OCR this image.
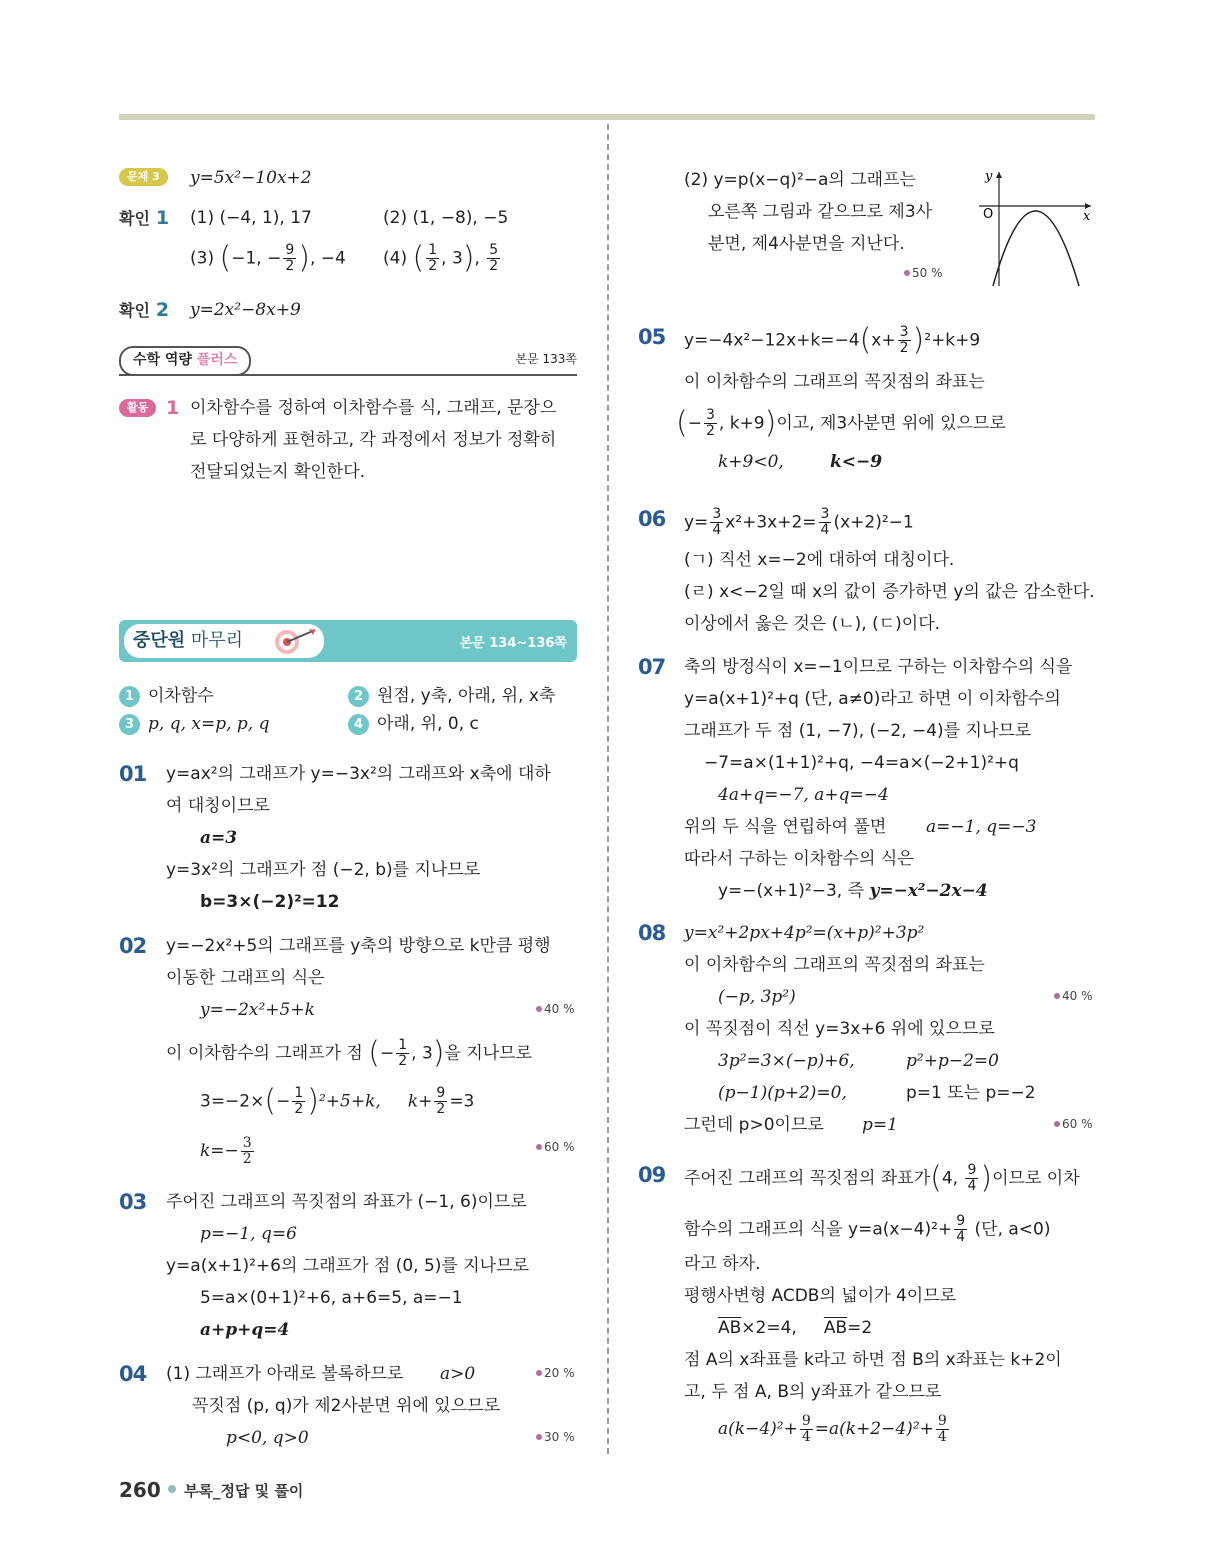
문제 3	y=5x²−10x+2
확인 1 (1) (−4, 1), 17	(2) (1, −8), −5
(3) (−1, − $\frac{9}{2}$ ), −4 (4) ( $\frac{1}{2}$ , 3), $\frac{5}{2}$
확인 2 y=2x²−8x+9
수학 역량 플러스	본문 133쪽
활동 1 이차함수를 정하여 이차함수를 식, 그래프, 문장으
로 다양하게 표현하고, 각 과정에서 정보가 정확히
전달되었는지 확인한다.
중단원 마무리	본문 134~136쪽
1 이차함수	2 원점, y축, 아래, 위, x축
3 p, q, x=p, p, q	4 아래, 위, 0, c
01 y=ax²의 그래프가 y=−3x²의 그래프와 x축에 대하
여 대칭이므로
a=3
y=3x²의 그래프가 점 (−2, b)를 지나므로
b=3×(−2)²=12
02 y=−2x²+5의 그래프를 y축의 방향으로 k만큼 평행
이동한 그래프의 식은
y=−2x²+5+k	40 %
이 이차함수의 그래프가 점 (− $\frac{1}{2}$ , 3)을 지나므로
$3=-2\times(- \frac{1}{2} )^2+5+k$, $k+ \frac{9}{2} =3$
$k=- \frac{3}{2}$	60 %
03 주어진 그래프의 꼭짓점의 좌표가 (−1, 6)이므로
p=−1, q=6
y=a(x+1)²+6의 그래프가 점 (0, 5)를 지나므로
5=a×(0+1)²+6, a+6=5, a=−1
a+p+q=4
04 (1) 그래프가 아래로 볼록하므로 a>0	20 %
꼭짓점 (p, q)가 제2사분면 위에 있으므로
p<0, q>0	30 %
(2) y=p(x−q)²−a의 그래프는
오른쪽 그림과 같으므로 제3사
분면, 제4사분면을 지난다.
50 %
y
O	x
05 $y=-4x^2-12x+k=-4(x+ \frac{3}{2} )^2+k+9$
이 이차함수의 그래프의 꼭짓점의 좌표는
(− $\frac{3}{2}$ , k+9)이고, 제3사분면 위에 있으므로
k+9<0,	k<−9
06 $y= \frac{3}{4} x^2+3x+2= \frac{3}{4} (x+2)^2-1$
(ㄱ) 직선 x=−2에 대하여 대칭이다.
(ㄹ) x<−2일 때 x의 값이 증가하면 y의 값은 감소한다.
이상에서 옳은 것은 (ㄴ), (ㄷ)이다.
07 축의 방정식이 x=−1이므로 구하는 이차함수의 식을
y=a(x+1)²+q (단, a≠0)라고 하면 이 이차함수의
그래프가 두 점 (1, −7), (−2, −4)를 지나므로
−7=a×(1+1)²+q, −4=a×(−2+1)²+q
4a+q=−7, a+q=−4
위의 두 식을 연립하여 풀면 a=−1, q=−3
따라서 구하는 이차함수의 식은
y=−(x+1)²−3, 즉 y=−x²−2x−4
08 y=x²+2px+4p²=(x+p)²+3p²
이 이차함수의 그래프의 꼭짓점의 좌표는
(−p, 3p²)	40 %
이 꼭짓점이 직선 y=3x+6 위에 있으므로
3p²=3×(−p)+6,	p²+p−2=0
(p−1)(p+2)=0,	p=1 또는 p=−2
그런데 p>0이므로 p=1	60 %
09 주어진 그래프의 꼭짓점의 좌표가(4, $\frac{9}{4}$ )이므로 이차
함수의 그래프의 식을 $y=a(x-4)^2+ \frac{9}{4}$ (단, a<0)
라고 하자.
평행사변형 ACDB의 넓이가 4이므로
$\overline{AB}\times 2=4$, $\overline{AB}=2$
점 A의 x좌표를 k라고 하면 점 B의 x좌표는 k+2이
고, 두 점 A, B의 y좌표가 같으므로
$a(k-4)^2+ \frac{9}{4} =a(k+2-4)^2+ \frac{9}{4}$
260 부록_정답 및 풀이
